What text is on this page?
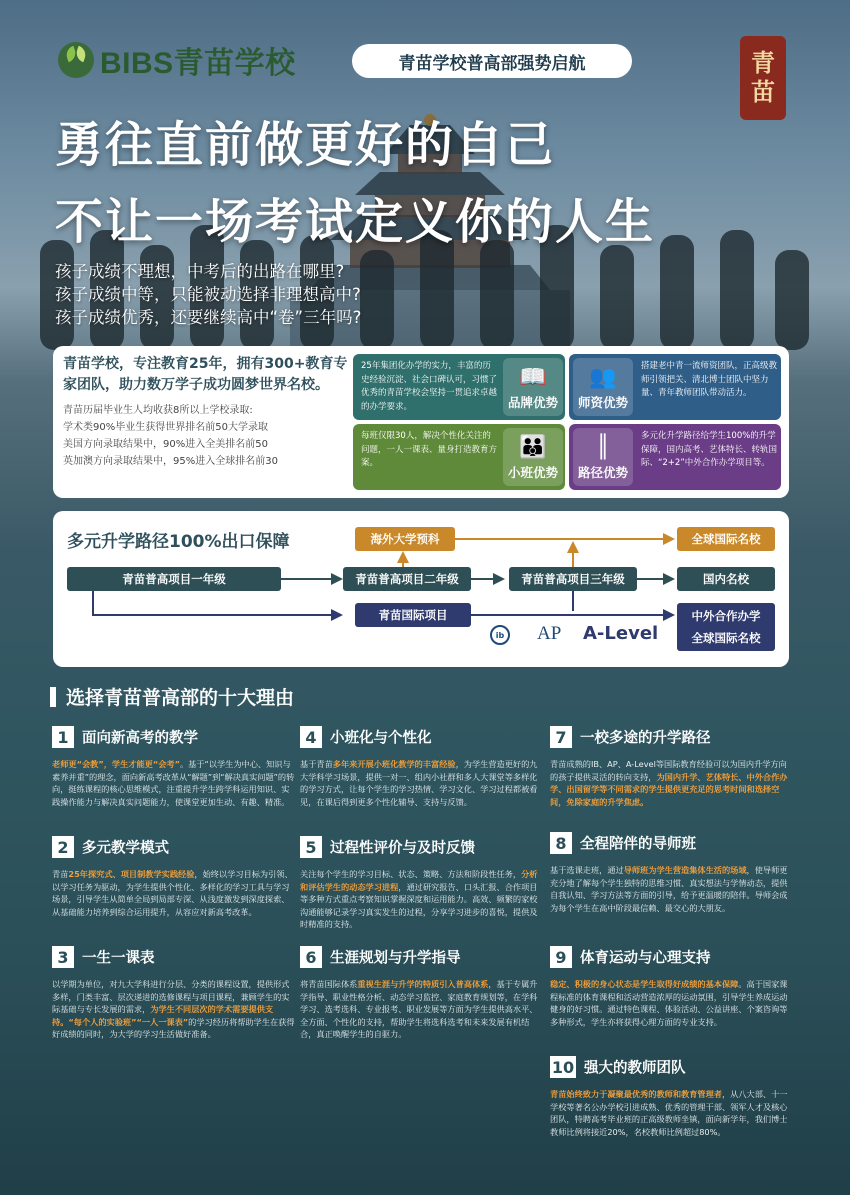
BIBS青苗学校	青苗学校普高部强势启航	青
苗
勇往直前做更好的自己
不让一场考试定义你的人生
孩子成绩不理想，中考后的出路在哪里?
孩子成绩中等，只能被动选择非理想高中?
孩子成绩优秀，还要继续高中“卷”三年吗?
青苗学校，专注教育25年，拥有300+教育专家团队，助力数万学子成功圆梦世界名校。
青苗历届毕业生人均收获8所以上学校录取:
学术类90%毕业生获得世界排名前50大学录取
美国方向录取结果中，90%进入全美排名前50
英加澳方向录取结果中，95%进入全球排名前30
25年集团化办学的实力，丰富的历史经验沉淀、社会口碑认可，习惯了优秀的青苗学校会坚持一贯追求卓越的办学要求。
📖
品牌优势
👥
师资优势
搭建老中青一流师资团队，正高级教师引领把关、清北博士团队中坚力量、青年教师团队带动活力。
每班仅限30人，解决个性化关注的问题，一人一课表、量身打造教育方案。
👪
小班优势
║
路径优势
多元化升学路径给学生100%的升学保障，国内高考、艺体特长、转轨国际、“2+2”中外合作办学项目等。
多元升学路径100%出口保障	海外大学预科
青苗普高项目一年级	青苗普高项目二年级	青苗普高项目三年级
青苗国际项目
全球国际名校
国内名校
中外合作办学
全球国际名校
ib	AP A-Level
选择青苗普高部的十大理由
1 面向新高考的教学
老师更“会教”，学生才能更“会考”。基于“以学生为中心、知识与素养并重”的理念，面向新高考改革从“解题”到“解决真实问题”的转向，挺练课程的核心思维模式，注重提升学生跨学科运用知识、实践操作能力与解决真实问题能力，使课堂更加生动、有趣、精准。
2 多元教学模式
青苗25年探究式、项目制教学实践经验，始终以学习目标为引领、以学习任务为驱动，为学生提供个性化、多样化的学习工具与学习场景，引导学生从简单全局到局部专深、从浅度激发到深度探索、从基础能力培养到综合运用提升，从容应对新高考改革。
3 一生一课表
以学期为单位，对九大学科进行分层、分类的课程设置，提供形式多样，门类丰富、层次递进的选修课程与项目课程，兼顾学生的实际基础与专长发展的需求，为学生不同层次的学术需要提供支持。“每个人的实验班”“一人一课表”的学习经历将帮助学生在获得好成绩的同时，为大学的学习生活做好准备。
4 小班化与个性化
基于青苗多年来开展小班化教学的丰富经验，为学生营造更好的九大学科学习场景，提供一对一、组内小社群和多人大课堂等多样化的学习方式，让每个学生的学习热情、学习文化、学习过程都被看见，在课后得到更多个性化辅导、支持与反馈。
5 过程性评价与及时反馈
关注每个学生的学习目标、状态、策略、方法和阶段性任务，分析和评估学生的动态学习进程，通过研究报告、口头汇报、合作项目等多种方式重点考察知识掌握深度和运用能力。高效、频繁的家校沟通能够记录学习真实发生的过程，分享学习进步的喜悦，提供及时精准的支持。
6 生涯规划与升学指导
将青苗国际体系重视生涯与升学的特质引入普高体系，基于专属升学指导、职业性格分析、动态学习监控、家庭教育规划等，在学科学习、选考选科、专业报考、职业发展等方面为学生提供高水平、全方面、个性化的支持，帮助学生将选科选考和未来发展有机结合，真正唤醒学生的自驱力。
7 一校多途的升学路径
青苗成熟的IB、AP、A-Level等国际教育经验可以为国内升学方向的孩子提供灵活的转向支持，为国内升学、艺体特长、中外合作办学、出国留学等不同需求的学生提供更充足的思考时间和选择空间，免除家庭的升学焦虑。
8 全程陪伴的导师班
基于选课走班，通过导师班为学生营造集体生活的场域，使导师更充分地了解每个学生独特的思维习惯、真实想法与学情动态，提供自我认知、学习方法等方面的引导，给予更温暖的陪伴。导师会成为每个学生在高中阶段最信赖、最交心的大朋友。
9 体育运动与心理支持
稳定、积极的身心状态是学生取得好成绩的基本保障。高于国家课程标准的体育课程和活动营造浓厚的运动氛围，引导学生养成运动健身的好习惯。通过特色课程、体验活动、公益讲座、个案咨询等多种形式，学生亦将获得心理方面的专业支持。
10 强大的教师团队
青苗始终致力于凝聚最优秀的教师和教育管理者，从八大部、十一学校等著名公办学校引进成熟、优秀的管理干部、领军人才及核心团队，特聘高考毕业班的正高级教师坐镇，面向新学年，我们博士教师比例将接近20%，名校教师比例超过80%。
